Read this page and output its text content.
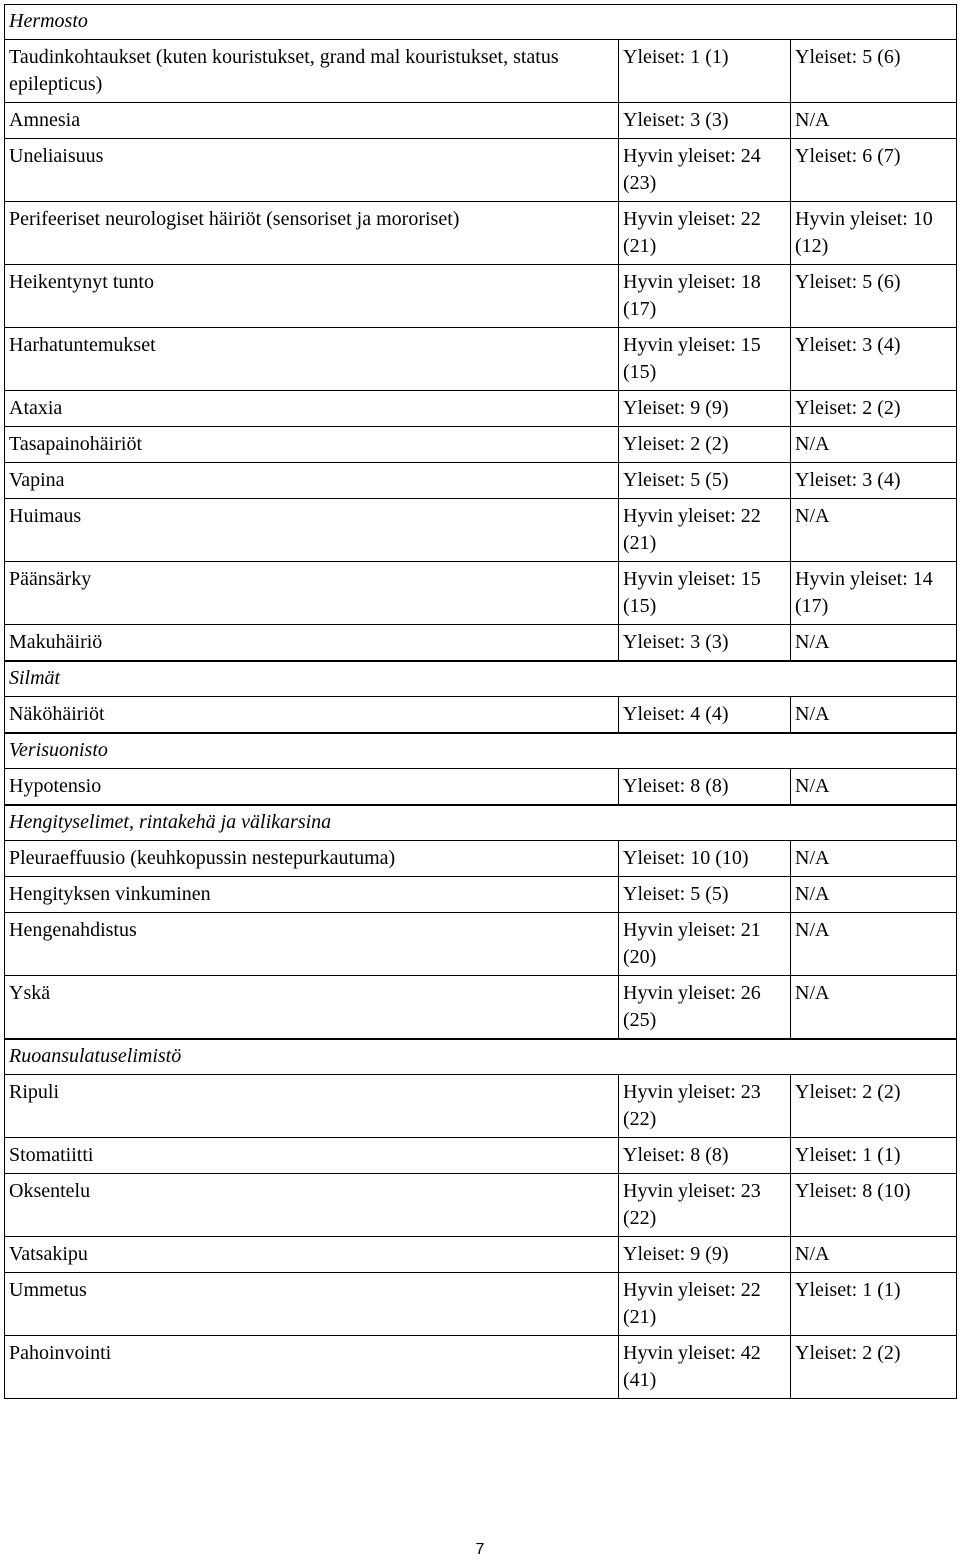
Hermosto		
Taudinkohtaukset (kuten kouristukset, grand mal kouristukset, status epilepticus)	Yleiset: 1 (1)	Yleiset: 5 (6)
Amnesia	Yleiset: 3 (3)	N/A
Uneliaisuus	Hyvin yleiset: 24 (23)	Yleiset: 6 (7)
Perifeeriset neurologiset häiriöt (sensoriset ja mororiset)	Hyvin yleiset: 22 (21)	Hyvin yleiset: 10 (12)
Heikentynyt tunto	Hyvin yleiset: 18 (17)	Yleiset: 5 (6)
Harhatuntemukset	Hyvin yleiset: 15 (15)	Yleiset: 3 (4)
Ataxia	Yleiset: 9 (9)	Yleiset: 2 (2)
Tasapainohäiriöt	Yleiset: 2 (2)	N/A
Vapina	Yleiset: 5 (5)	Yleiset: 3 (4)
Huimaus	Hyvin yleiset: 22 (21)	N/A
Päänsärky	Hyvin yleiset: 15 (15)	Hyvin yleiset: 14 (17)
Makuhäiriö	Yleiset: 3 (3)	N/A
Silmät		
Näköhäiriöt	Yleiset: 4 (4)	N/A
Verisuonisto		
Hypotensio	Yleiset: 8 (8)	N/A
Hengityselimet, rintakehä ja välikarsina		
Pleuraeffuusio (keuhkopussin nestepurkautuma)	Yleiset: 10 (10)	N/A
Hengityksen vinkuminen	Yleiset: 5 (5)	N/A
Hengenahdistus	Hyvin yleiset: 21 (20)	N/A
Yskä	Hyvin yleiset: 26 (25)	N/A
Ruoansulatuselimistö		
Ripuli	Hyvin yleiset: 23 (22)	Yleiset: 2 (2)
Stomatiitti	Yleiset: 8 (8)	Yleiset: 1 (1)
Oksentelu	Hyvin yleiset: 23 (22)	Yleiset: 8 (10)
Vatsakipu	Yleiset: 9 (9)	N/A
Ummetus	Hyvin yleiset: 22 (21)	Yleiset: 1 (1)
Pahoinvointi	Hyvin yleiset: 42 (41)	Yleiset: 2 (2)
7
